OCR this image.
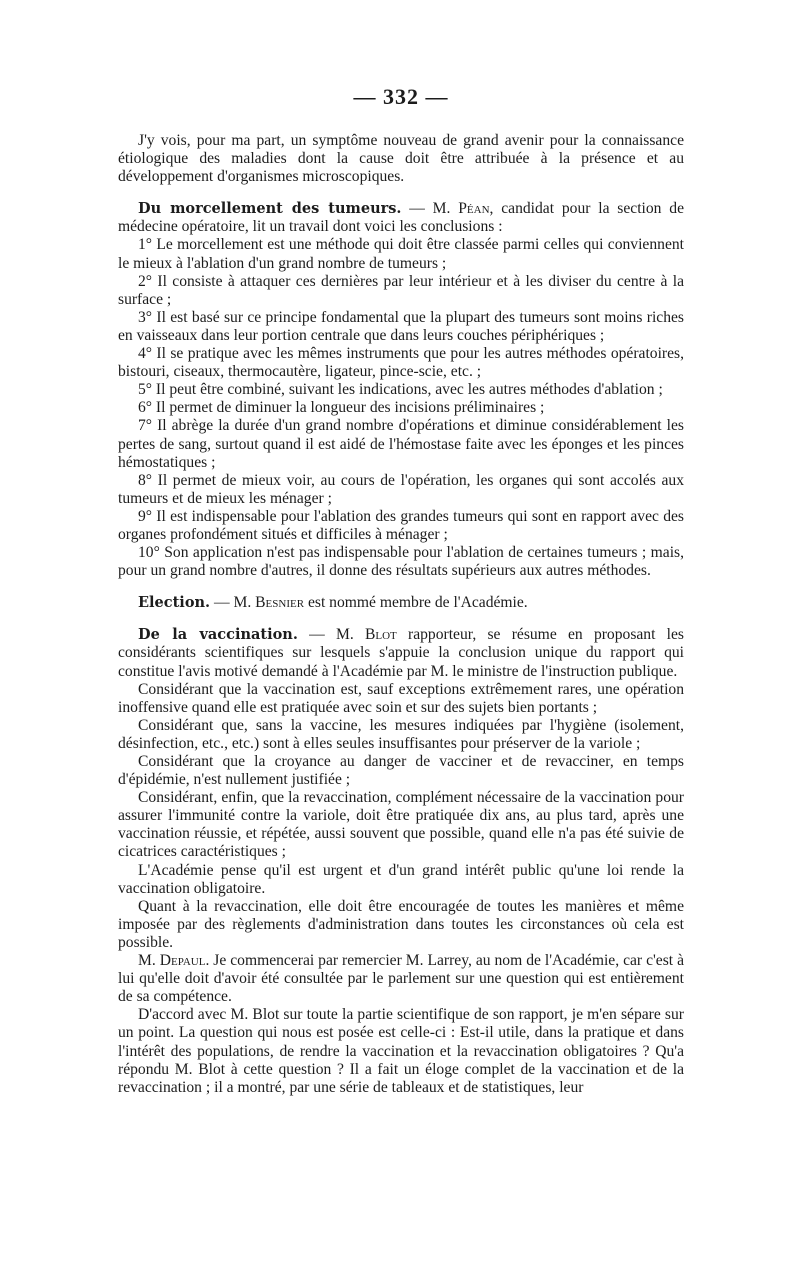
— 332 —

J'y vois, pour ma part, un symptôme nouveau de grand avenir pour la connaissance étiologique des maladies dont la cause doit être attribuée à la présence et au développement d'organismes microscopiques.

Du morcellement des tumeurs. — M. Péan, candidat pour la section de médecine opératoire, lit un travail dont voici les conclusions :

1° Le morcellement est une méthode qui doit être classée parmi celles qui conviennent le mieux à l'ablation d'un grand nombre de tumeurs ;

2° Il consiste à attaquer ces dernières par leur intérieur et à les diviser du centre à la surface ;

3° Il est basé sur ce principe fondamental que la plupart des tumeurs sont moins riches en vaisseaux dans leur portion centrale que dans leurs couches périphériques ;

4° Il se pratique avec les mêmes instruments que pour les autres méthodes opératoires, bistouri, ciseaux, thermocautère, ligateur, pince-scie, etc. ;

5° Il peut être combiné, suivant les indications, avec les autres méthodes d'ablation ;

6° Il permet de diminuer la longueur des incisions préliminaires ;

7° Il abrège la durée d'un grand nombre d'opérations et diminue considérablement les pertes de sang, surtout quand il est aidé de l'hémostase faite avec les éponges et les pinces hémostatiques ;

8° Il permet de mieux voir, au cours de l'opération, les organes qui sont accolés aux tumeurs et de mieux les ménager ;

9° Il est indispensable pour l'ablation des grandes tumeurs qui sont en rapport avec des organes profondément situés et difficiles à ménager ;

10° Son application n'est pas indispensable pour l'ablation de certaines tumeurs ; mais, pour un grand nombre d'autres, il donne des résultats supérieurs aux autres méthodes.

Election. — M. Besnier est nommé membre de l'Académie.

De la vaccination. — M. Blot rapporteur, se résume en proposant les considérants scientifiques sur lesquels s'appuie la conclusion unique du rapport qui constitue l'avis motivé demandé à l'Académie par M. le ministre de l'instruction publique.

Considérant que la vaccination est, sauf exceptions extrêmement rares, une opération inoffensive quand elle est pratiquée avec soin et sur des sujets bien portants ;

Considérant que, sans la vaccine, les mesures indiquées par l'hygiène (isolement, désinfection, etc., etc.) sont à elles seules insuffisantes pour préserver de la variole ;

Considérant que la croyance au danger de vacciner et de revacciner, en temps d'épidémie, n'est nullement justifiée ;

Considérant, enfin, que la revaccination, complément nécessaire de la vaccination pour assurer l'immunité contre la variole, doit être pratiquée dix ans, au plus tard, après une vaccination réussie, et répétée, aussi souvent que possible, quand elle n'a pas été suivie de cicatrices caractéristiques ;

L'Académie pense qu'il est urgent et d'un grand intérêt public qu'une loi rende la vaccination obligatoire.

Quant à la revaccination, elle doit être encouragée de toutes les manières et même imposée par des règlements d'administration dans toutes les circonstances où cela est possible.

M. Depaul. Je commencerai par remercier M. Larrey, au nom de l'Académie, car c'est à lui qu'elle doit d'avoir été consultée par le parlement sur une question qui est entièrement de sa compétence.

D'accord avec M. Blot sur toute la partie scientifique de son rapport, je m'en sépare sur un point. La question qui nous est posée est celle-ci : Est-il utile, dans la pratique et dans l'intérêt des populations, de rendre la vaccination et la revaccination obligatoires ? Qu'a répondu M. Blot à cette question ? Il a fait un éloge complet de la vaccination et de la revaccination ; il a montré, par une série de tableaux et de statistiques, leur
